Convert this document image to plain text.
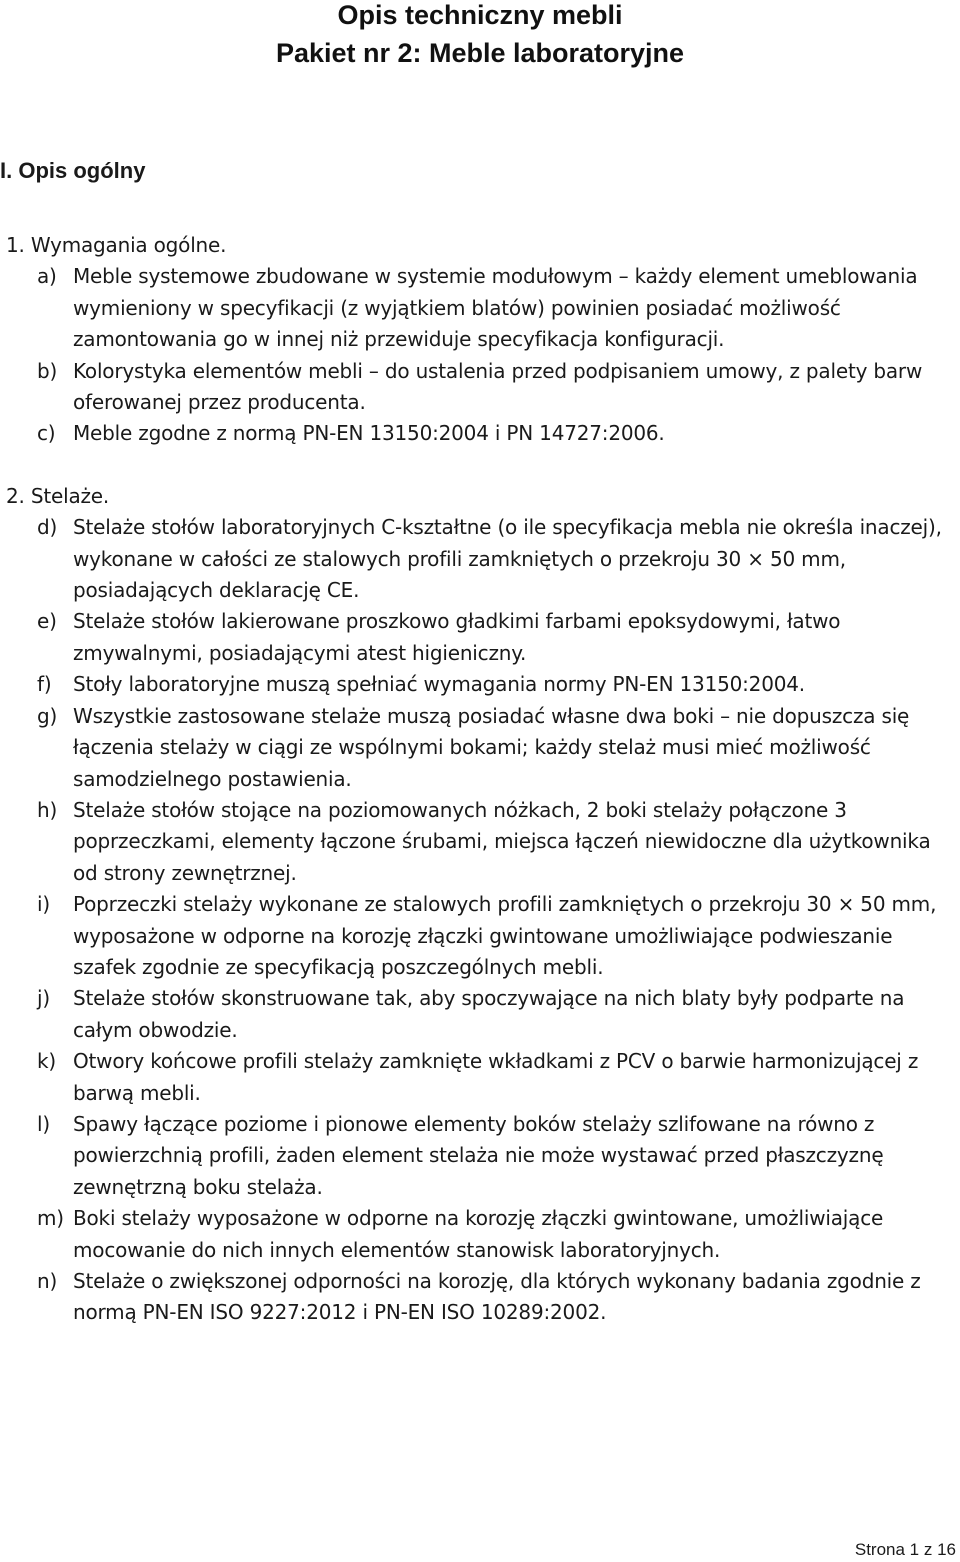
Opis techniczny mebli
Pakiet nr 2: Meble laboratoryjne
I. Opis ogólny

1. Wymagania ogólne.

a) Meble systemowe zbudowane w systemie modułowym – każdy element umeblowania wymieniony w specyfikacji (z wyjątkiem blatów) powinien posiadać możliwość zamontowania go w innej niż przewiduje specyfikacja konfiguracji.
b) Kolorystyka elementów mebli – do ustalenia przed podpisaniem umowy, z palety barw oferowanej przez producenta.
c) Meble zgodne z normą PN-EN 13150:2004 i PN 14727:2006.

2. Stelaże.

d) Stelaże stołów laboratoryjnych C-kształtne (o ile specyfikacja mebla nie określa inaczej), wykonane w całości ze stalowych profili zamkniętych o przekroju 30 × 50 mm, posiadających deklarację CE.
e) Stelaże stołów lakierowane proszkowo gładkimi farbami epoksydowymi, łatwo zmywalnymi, posiadającymi atest higieniczny.
f) Stoły laboratoryjne muszą spełniać wymagania normy PN-EN 13150:2004.
g) Wszystkie zastosowane stelaże muszą posiadać własne dwa boki – nie dopuszcza się łączenia stelaży w ciągi ze wspólnymi bokami; każdy stelaż musi mieć możliwość samodzielnego postawienia.
h) Stelaże stołów stojące na poziomowanych nóżkach, 2 boki stelaży połączone 3 poprzeczkami, elementy łączone śrubami, miejsca łączeń niewidoczne dla użytkownika od strony zewnętrznej.
i) Poprzeczki stelaży wykonane ze stalowych profili zamkniętych o przekroju 30 × 50 mm, wyposażone w odporne na korozję złączki gwintowane umożliwiające podwieszanie szafek zgodnie ze specyfikacją poszczególnych mebli.
j) Stelaże stołów skonstruowane tak, aby spoczywające na nich blaty były podparte na całym obwodzie.
k) Otwory końcowe profili stelaży zamknięte wkładkami z PCV o barwie harmonizującej z barwą mebli.
l) Spawy łączące poziome i pionowe elementy boków stelaży szlifowane na równo z powierzchnią profili, żaden element stelaża nie może wystawać przed płaszczyznę zewnętrzną boku stelaża.
m) Boki stelaży wyposażone w odporne na korozję złączki gwintowane, umożliwiające mocowanie do nich innych elementów stanowisk laboratoryjnych.
n) Stelaże o zwiększonej odporności na korozję, dla których wykonany badania zgodnie z normą PN-EN ISO 9227:2012 i PN-EN ISO 10289:2002.
Strona 1 z 16
